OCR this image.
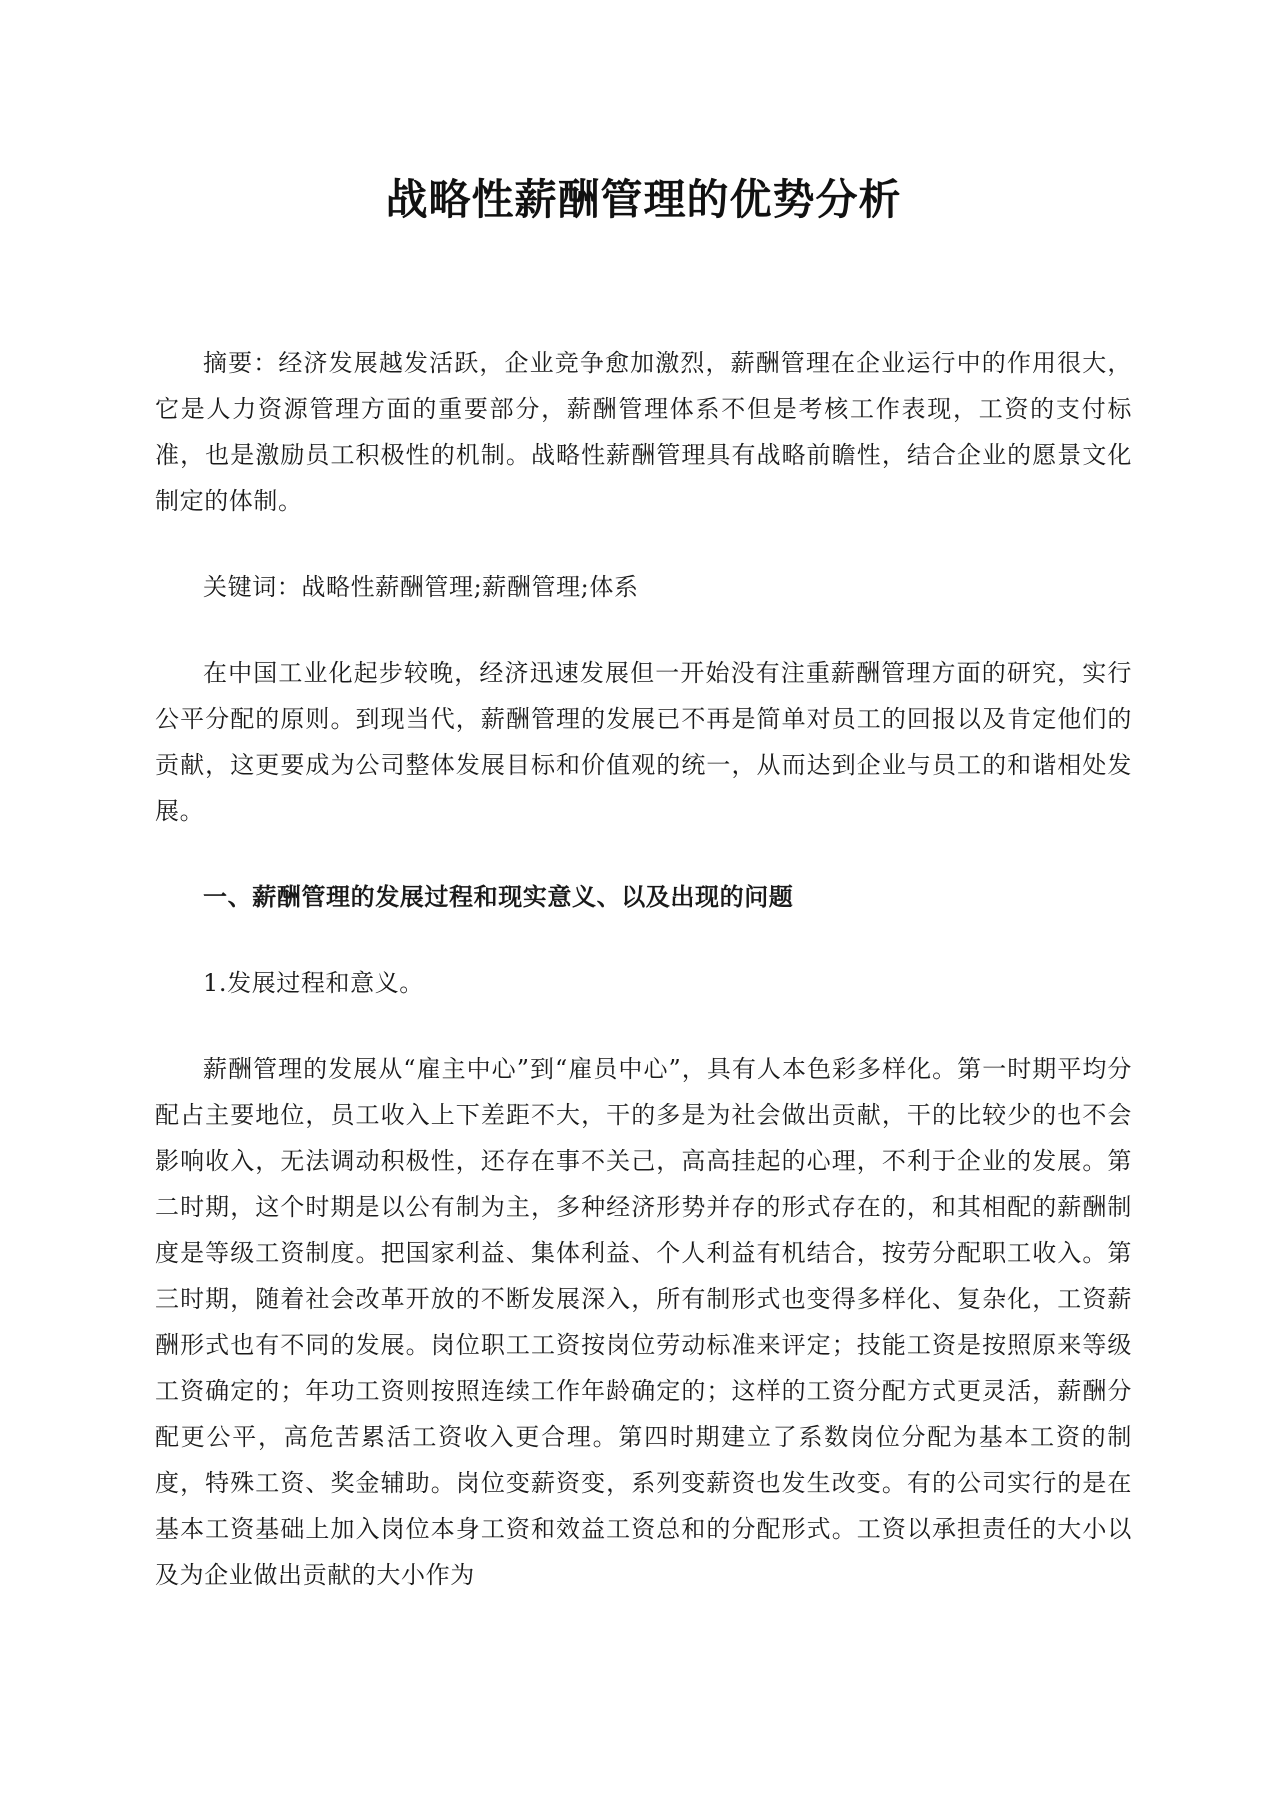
战略性薪酬管理的优势分析

摘要：经济发展越发活跃，企业竞争愈加激烈，薪酬管理在企业运行中的作用很大，它是人力资源管理方面的重要部分，薪酬管理体系不但是考核工作表现，工资的支付标准，也是激励员工积极性的机制。战略性薪酬管理具有战略前瞻性，结合企业的愿景文化制定的体制。

关键词：战略性薪酬管理;薪酬管理;体系

在中国工业化起步较晚，经济迅速发展但一开始没有注重薪酬管理方面的研究，实行公平分配的原则。到现当代，薪酬管理的发展已不再是简单对员工的回报以及肯定他们的贡献，这更要成为公司整体发展目标和价值观的统一，从而达到企业与员工的和谐相处发展。

一、薪酬管理的发展过程和现实意义、以及出现的问题

1.发展过程和意义。

薪酬管理的发展从“雇主中心”到“雇员中心”，具有人本色彩多样化。第一时期平均分配占主要地位，员工收入上下差距不大，干的多是为社会做出贡献，干的比较少的也不会影响收入，无法调动积极性，还存在事不关己，高高挂起的心理，不利于企业的发展。第二时期，这个时期是以公有制为主，多种经济形势并存的形式存在的，和其相配的薪酬制度是等级工资制度。把国家利益、集体利益、个人利益有机结合，按劳分配职工收入。第三时期，随着社会改革开放的不断发展深入，所有制形式也变得多样化、复杂化，工资薪酬形式也有不同的发展。岗位职工工资按岗位劳动标准来评定；技能工资是按照原来等级工资确定的；年功工资则按照连续工作年龄确定的；这样的工资分配方式更灵活，薪酬分配更公平，高危苦累活工资收入更合理。第四时期建立了系数岗位分配为基本工资的制度，特殊工资、奖金辅助。岗位变薪资变，系列变薪资也发生改变。有的公司实行的是在基本工资基础上加入岗位本身工资和效益工资总和的分配形式。工资以承担责任的大小以及为企业做出贡献的大小作为
